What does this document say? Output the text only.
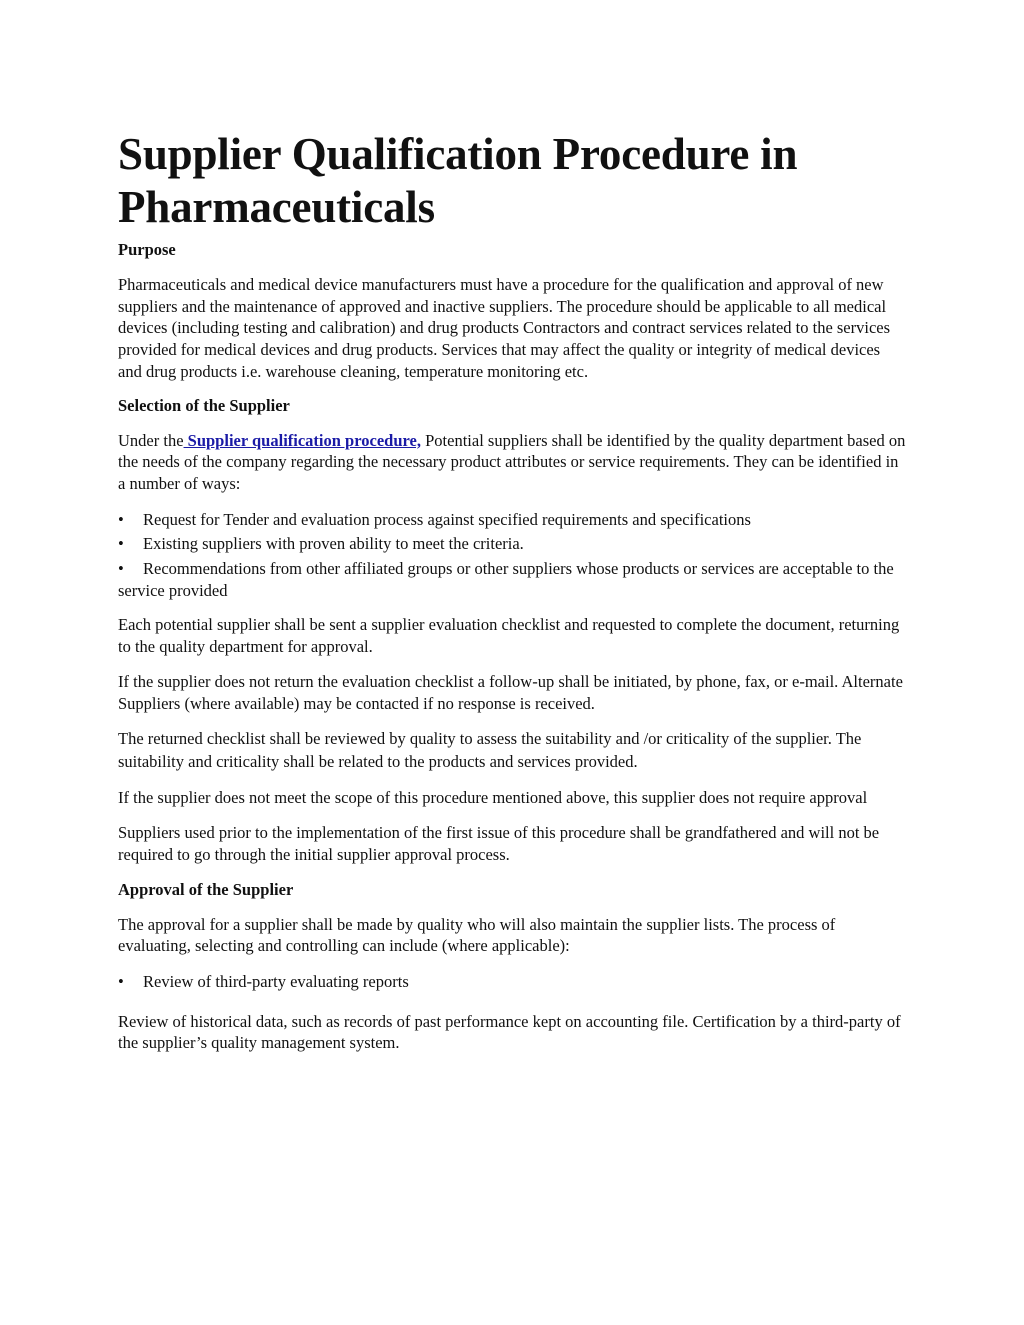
Supplier Qualification Procedure in Pharmaceuticals
Purpose

Pharmaceuticals and medical device manufacturers must have a procedure for the qualification and approval of new suppliers and the maintenance of approved and inactive suppliers. The procedure should be applicable to all medical devices (including testing and calibration) and drug products Contractors and contract services related to the services provided for medical devices and drug products. Services that may affect the quality or integrity of medical devices and drug products i.e. warehouse cleaning, temperature monitoring etc.

Selection of the Supplier

Under the Supplier qualification procedure, Potential suppliers shall be identified by the quality department based on the needs of the company regarding the necessary product attributes or service requirements. They can be identified in a number of ways:

• Request for Tender and evaluation process against specified requirements and specifications
• Existing suppliers with proven ability to meet the criteria.
• Recommendations from other affiliated groups or other suppliers whose products or services are acceptable to the service provided

Each potential supplier shall be sent a supplier evaluation checklist and requested to complete the document, returning to the quality department for approval.

If the supplier does not return the evaluation checklist a follow-up shall be initiated, by phone, fax, or e-mail. Alternate Suppliers (where available) may be contacted if no response is received.

The returned checklist shall be reviewed by quality to assess the suitability and /or criticality of the supplier. The suitability and criticality shall be related to the products and services provided.

If the supplier does not meet the scope of this procedure mentioned above, this supplier does not require approval

Suppliers used prior to the implementation of the first issue of this procedure shall be grandfathered and will not be required to go through the initial supplier approval process.

Approval of the Supplier

The approval for a supplier shall be made by quality who will also maintain the supplier lists. The process of evaluating, selecting and controlling can include (where applicable):

• Review of third-party evaluating reports

Review of historical data, such as records of past performance kept on accounting file. Certification by a third-party of the supplier’s quality management system.
